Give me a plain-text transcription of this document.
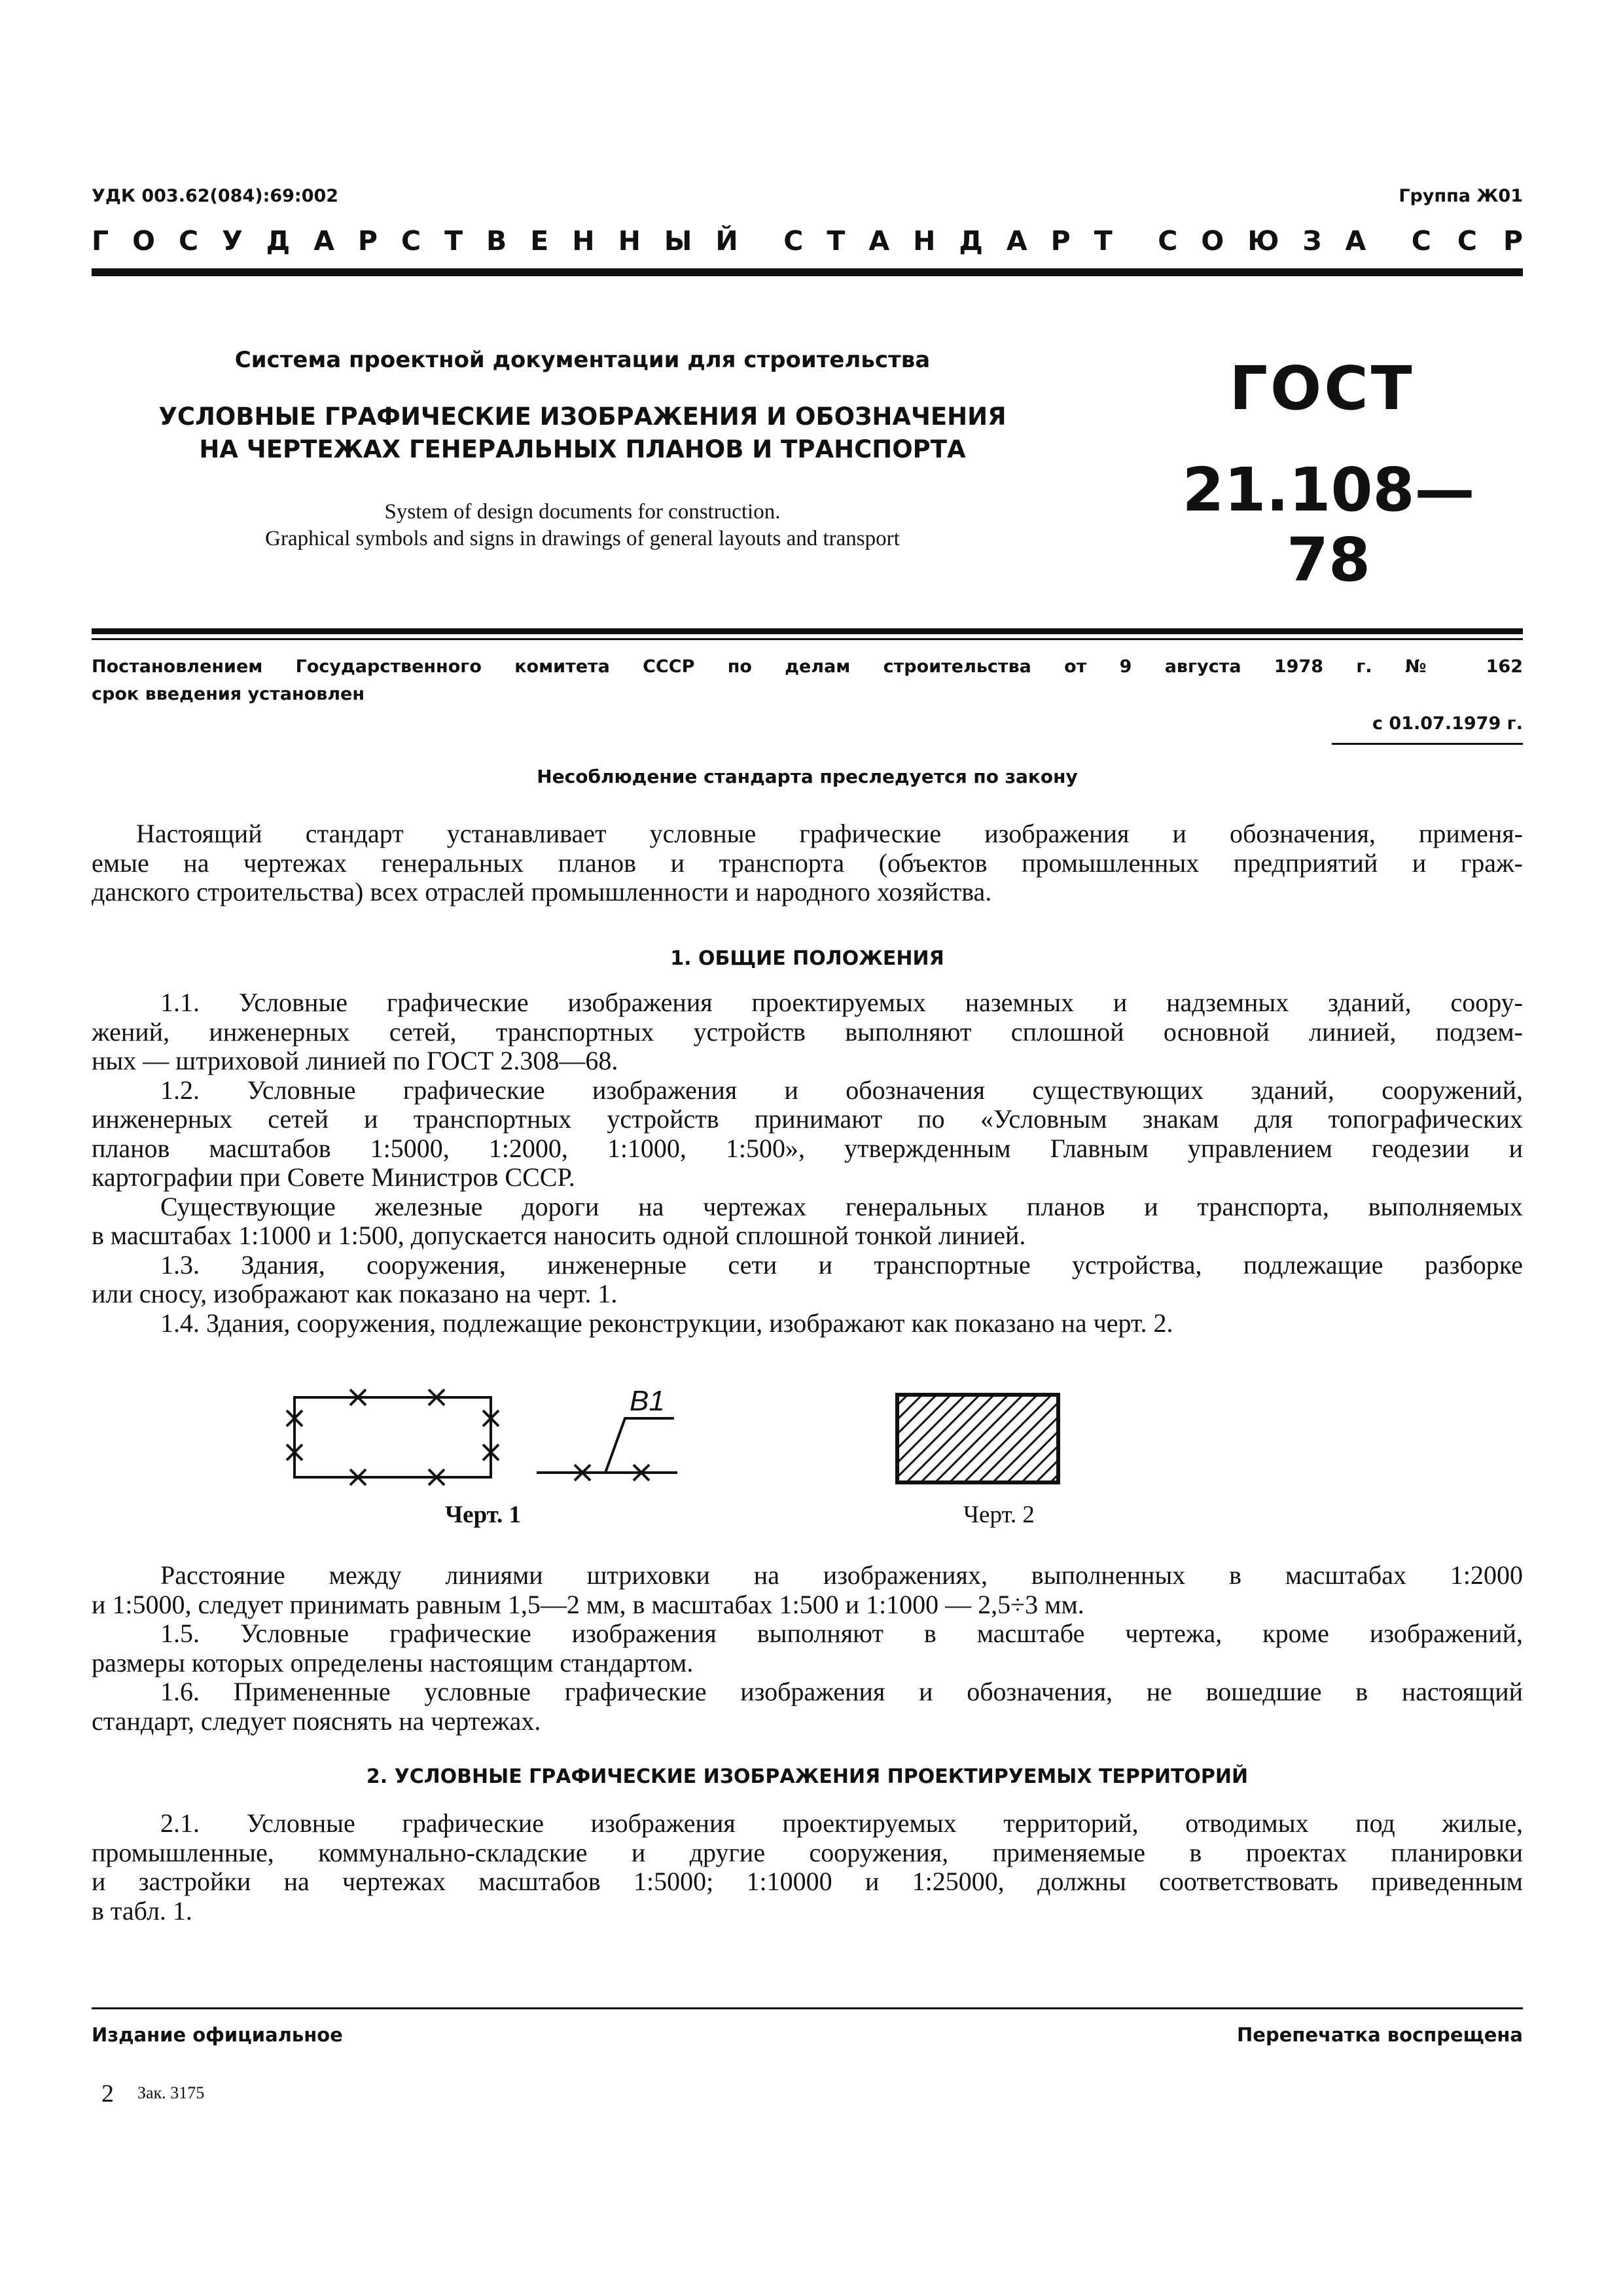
УДК 003.62(084):69:002	Группа Ж01
ГОСУДАРСТВЕННЫЙ СТАНДАРТ СОЮЗА ССР
Система проектной документации для строительства
УСЛОВНЫЕ ГРАФИЧЕСКИЕ ИЗОБРАЖЕНИЯ И ОБОЗНАЧЕНИЯ
НА ЧЕРТЕЖАХ ГЕНЕРАЛЬНЫХ ПЛАНОВ И ТРАНСПОРТА
System of design documents for construction.
Graphical symbols and signs in drawings of general layouts and transport
ГОСТ
21.108—78
Постановлением Государственного комитета СССР по делам строительства от 9 августа 1978 г. № 162
срок введения установлен
с 01.07.1979 г.
Несоблюдение стандарта преследуется по закону
Настоящий стандарт устанавливает условные графические изображения и обозначения, применя-
емые на чертежах генеральных планов и транспорта (объектов промышленных предприятий и граж-
данского строительства) всех отраслей промышленности и народного хозяйства.
1. ОБЩИЕ ПОЛОЖЕНИЯ
1.1. Условные графические изображения проектируемых наземных и надземных зданий, соору-
жений, инженерных сетей, транспортных устройств выполняют сплошной основной линией, подзем-
ных — штриховой линией по ГОСТ 2.308—68.
1.2. Условные графические изображения и обозначения существующих зданий, сооружений,
инженерных сетей и транспортных устройств принимают по «Условным знакам для топографических
планов масштабов 1:5000, 1:2000, 1:1000, 1:500», утвержденным Главным управлением геодезии и
картографии при Совете Министров СССР.
Существующие железные дороги на чертежах генеральных планов и транспорта, выполняемых
в масштабах 1:1000 и 1:500, допускается наносить одной сплошной тонкой линией.
1.3. Здания, сооружения, инженерные сети и транспортные устройства, подлежащие разборке
или сносу, изображают как показано на черт. 1.
1.4. Здания, сооружения, подлежащие реконструкции, изображают как показано на черт. 2.
B1
Черт. 1	Черт. 2
Расстояние между линиями штриховки на изображениях, выполненных в масштабах 1:2000
и 1:5000, следует принимать равным 1,5—2 мм, в масштабах 1:500 и 1:1000 — 2,5÷3 мм.
1.5. Условные графические изображения выполняют в масштабе чертежа, кроме изображений,
размеры которых определены настоящим стандартом.
1.6. Примененные условные графические изображения и обозначения, не вошедшие в настоящий
стандарт, следует пояснять на чертежах.
2. УСЛОВНЫЕ ГРАФИЧЕСКИЕ ИЗОБРАЖЕНИЯ ПРОЕКТИРУЕМЫХ ТЕРРИТОРИЙ
2.1. Условные графические изображения проектируемых территорий, отводимых под жилые,
промышленные, коммунально-складские и другие сооружения, применяемые в проектах планировки
и застройки на чертежах масштабов 1:5000; 1:10000 и 1:25000, должны соответствовать приведенным
в табл. 1.
Издание официальное	Перепечатка воспрещена
2 Зак. 3175
